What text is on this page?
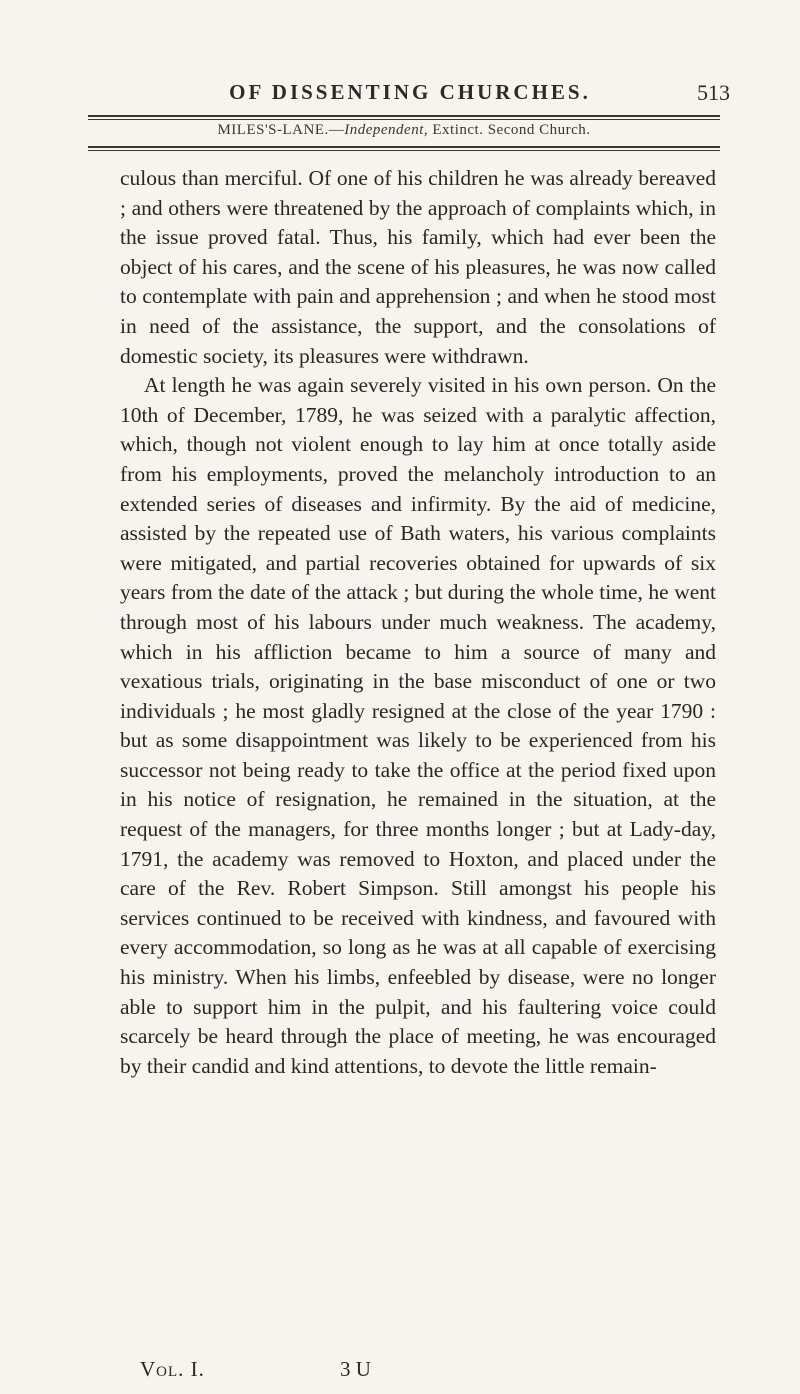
OF DISSENTING CHURCHES.	513
MILES'S-LANE.—Independent, Extinct. Second Church.

culous than merciful. Of one of his children he was already bereaved ; and others were threatened by the approach of complaints which, in the issue proved fatal. Thus, his family, which had ever been the object of his cares, and the scene of his pleasures, he was now called to contemplate with pain and apprehension ; and when he stood most in need of the assistance, the support, and the consolations of domestic society, its pleasures were withdrawn.

At length he was again severely visited in his own person. On the 10th of December, 1789, he was seized with a paralytic affection, which, though not violent enough to lay him at once totally aside from his employments, proved the melancholy introduction to an extended series of diseases and infirmity. By the aid of medicine, assisted by the repeated use of Bath waters, his various complaints were mitigated, and partial recoveries obtained for upwards of six years from the date of the attack ; but during the whole time, he went through most of his labours under much weakness. The academy, which in his affliction became to him a source of many and vexatious trials, originating in the base misconduct of one or two individuals ; he most gladly resigned at the close of the year 1790 : but as some disappointment was likely to be experienced from his successor not being ready to take the office at the period fixed upon in his notice of resignation, he remained in the situation, at the request of the managers, for three months longer ; but at Lady-day, 1791, the academy was removed to Hoxton, and placed under the care of the Rev. Robert Simpson. Still amongst his people his services continued to be received with kindness, and favoured with every accommodation, so long as he was at all capable of exercising his ministry. When his limbs, enfeebled by disease, were no longer able to support him in the pulpit, and his faultering voice could scarcely be heard through the place of meeting, he was encouraged by their candid and kind attentions, to devote the little remain-

Vol. I.	3 U
